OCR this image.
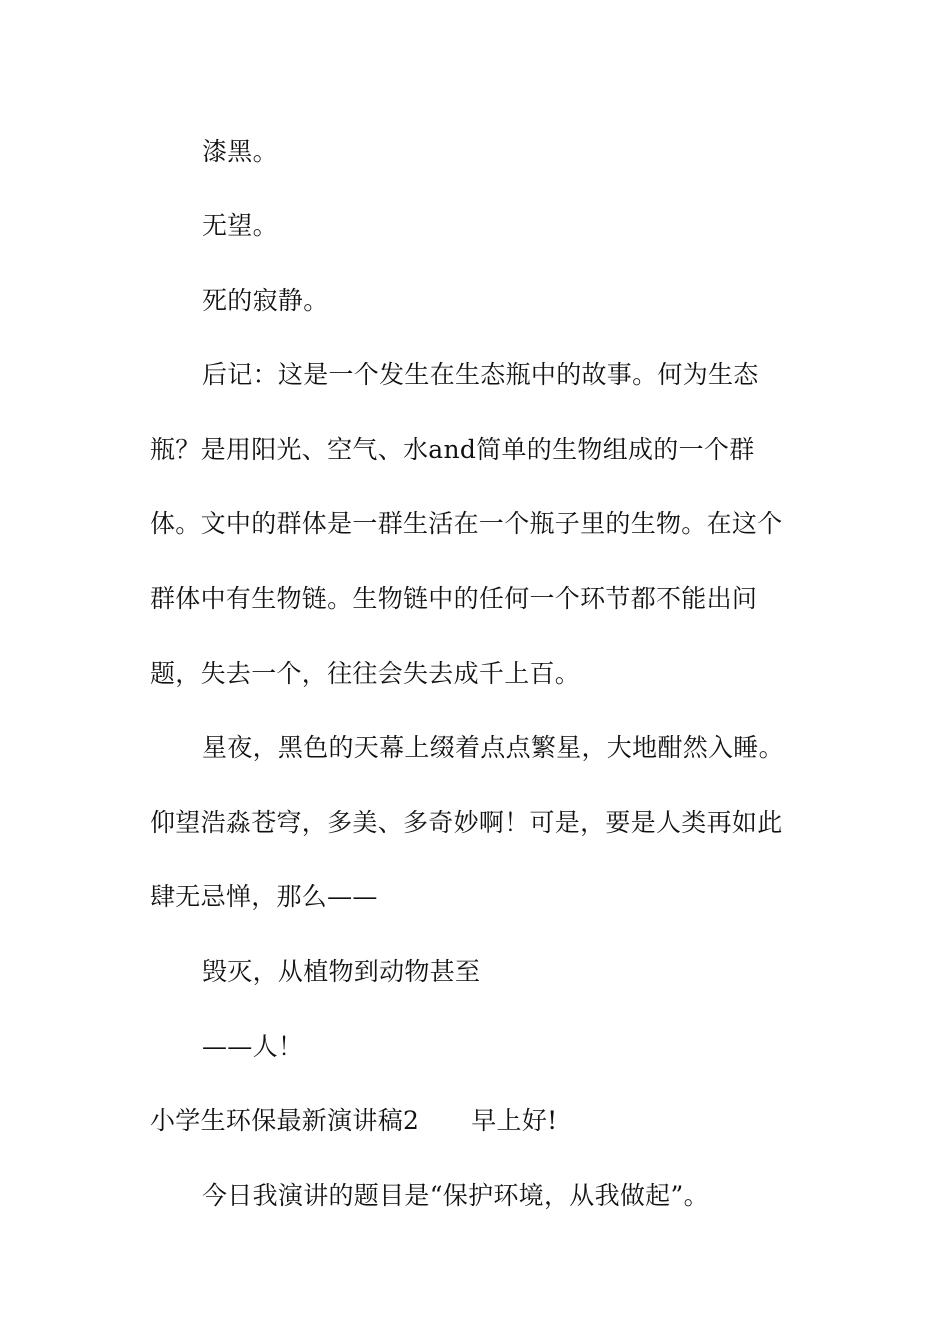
漆黑。

无望。

死的寂静。

后记：这是一个发生在生态瓶中的故事。何为生态

瓶？是用阳光、空气、水and简单的生物组成的一个群

体。文中的群体是一群生活在一个瓶子里的生物。在这个

群体中有生物链。生物链中的任何一个环节都不能出问

题，失去一个，往往会失去成千上百。

星夜，黑色的天幕上缀着点点繁星，大地酣然入睡。

仰望浩淼苍穹，多美、多奇妙啊！可是，要是人类再如此

肆无忌惮，那么——

毁灭，从植物到动物甚至

——人！

小学生环保最新演讲稿2 早上好!

今日我演讲的题目是“保护环境，从我做起”。
